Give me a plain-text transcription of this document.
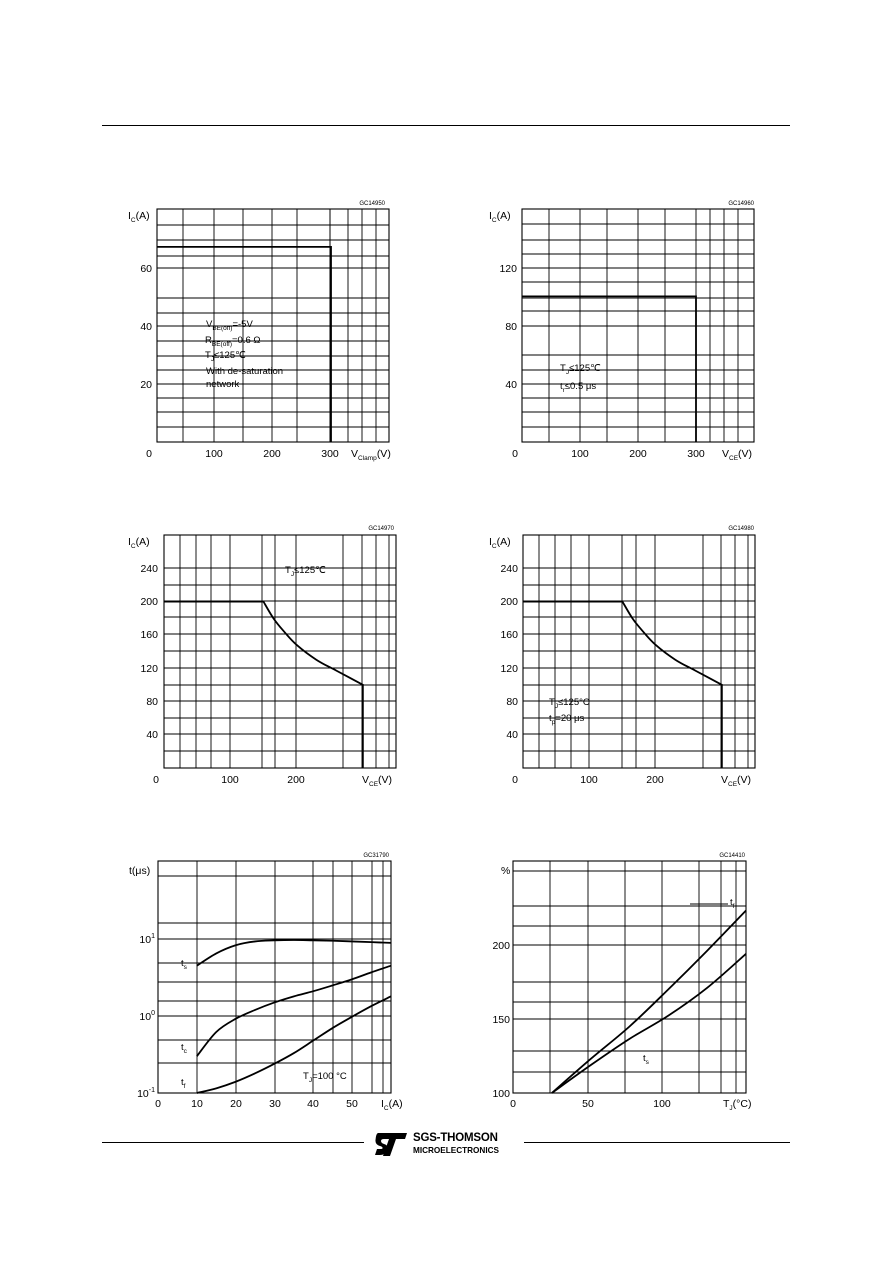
GC14950
0	100	200	300
20
40
60
$I_C(A)$
$V_{Clamp}(V)$
$V_{BE(off)}=-5V$
$R_{BE(off)}=0.6$ Ω
$T_J\le 125℃$
With de-saturation
network
GC14960
0	100	200	300
40
80
120
$I_C(A)$
$V_{CE}(V)$
$T_J\le 125℃$
$t_r\le 0.5$ μs
GC14970
0	100	200
40
80
120
160
200
240
$I_C(A)$
$V_{CE}(V)$
$T_J\le 125℃$
GC14980
0	100	200
40
80
120
160
200
240
$I_C(A)$
$V_{CE}(V)$
$T_J\le 125^\circ C$
$t_p=20$ μs
GC31790
0	10	20	30	40	50
$10^{-1}$
$10^0$
$10^1$
t(μs)
$I_C(A)$
$T_J=100$ °C
$t_s$
$t_c$
$t_f$
GC14410
0	50	100
100
150
200
%
$T_J(^\circ C)$
$t_f$
$t_s$
SGS-THOMSON
MICROELECTRONICS
